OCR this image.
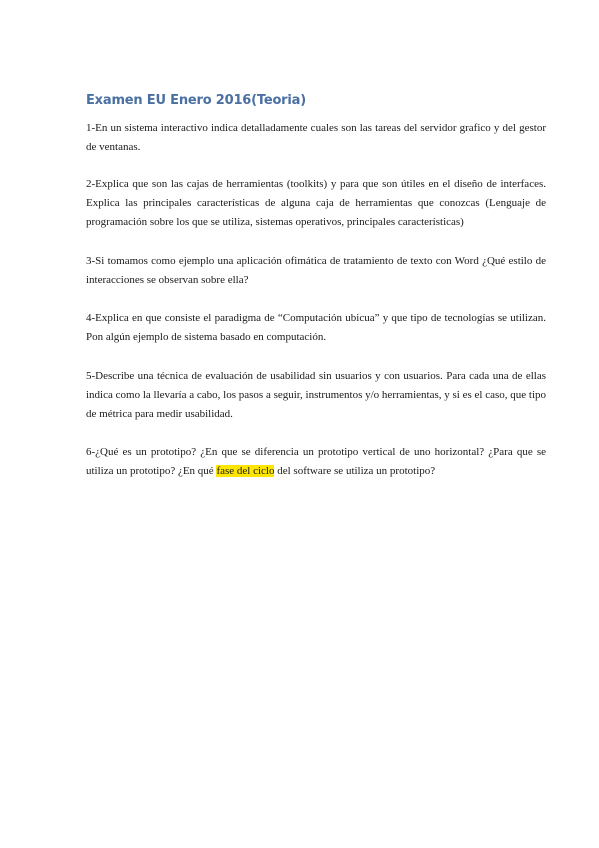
Examen EU Enero 2016(Teoria)

1-En un sistema interactivo indica detalladamente cuales son las tareas del servidor grafico y del gestor de ventanas.

2-Explica que son las cajas de herramientas (toolkits) y para que son útiles en el diseño de interfaces. Explica las principales características de alguna caja de herramientas que conozcas (Lenguaje de programación sobre los que se utiliza, sistemas operativos, principales características)

3-Si tomamos como ejemplo una aplicación ofimática de tratamiento de texto con Word ¿Qué estilo de interacciones se observan sobre ella?

4-Explica en que consiste el paradigma de “Computación ubicua” y que tipo de tecnologías se utilizan. Pon algún ejemplo de sistema basado en computación.

5-Describe una técnica de evaluación de usabilidad sin usuarios y con usuarios. Para cada una de ellas indica como la llevaría a cabo, los pasos a seguir, instrumentos y/o herramientas, y si es el caso, que tipo de métrica para medir usabilidad.

6-¿Qué es un prototipo? ¿En que se diferencia un prototipo vertical de uno horizontal? ¿Para que se utiliza un prototipo? ¿En qué fase del ciclo del software se utiliza un prototipo?
